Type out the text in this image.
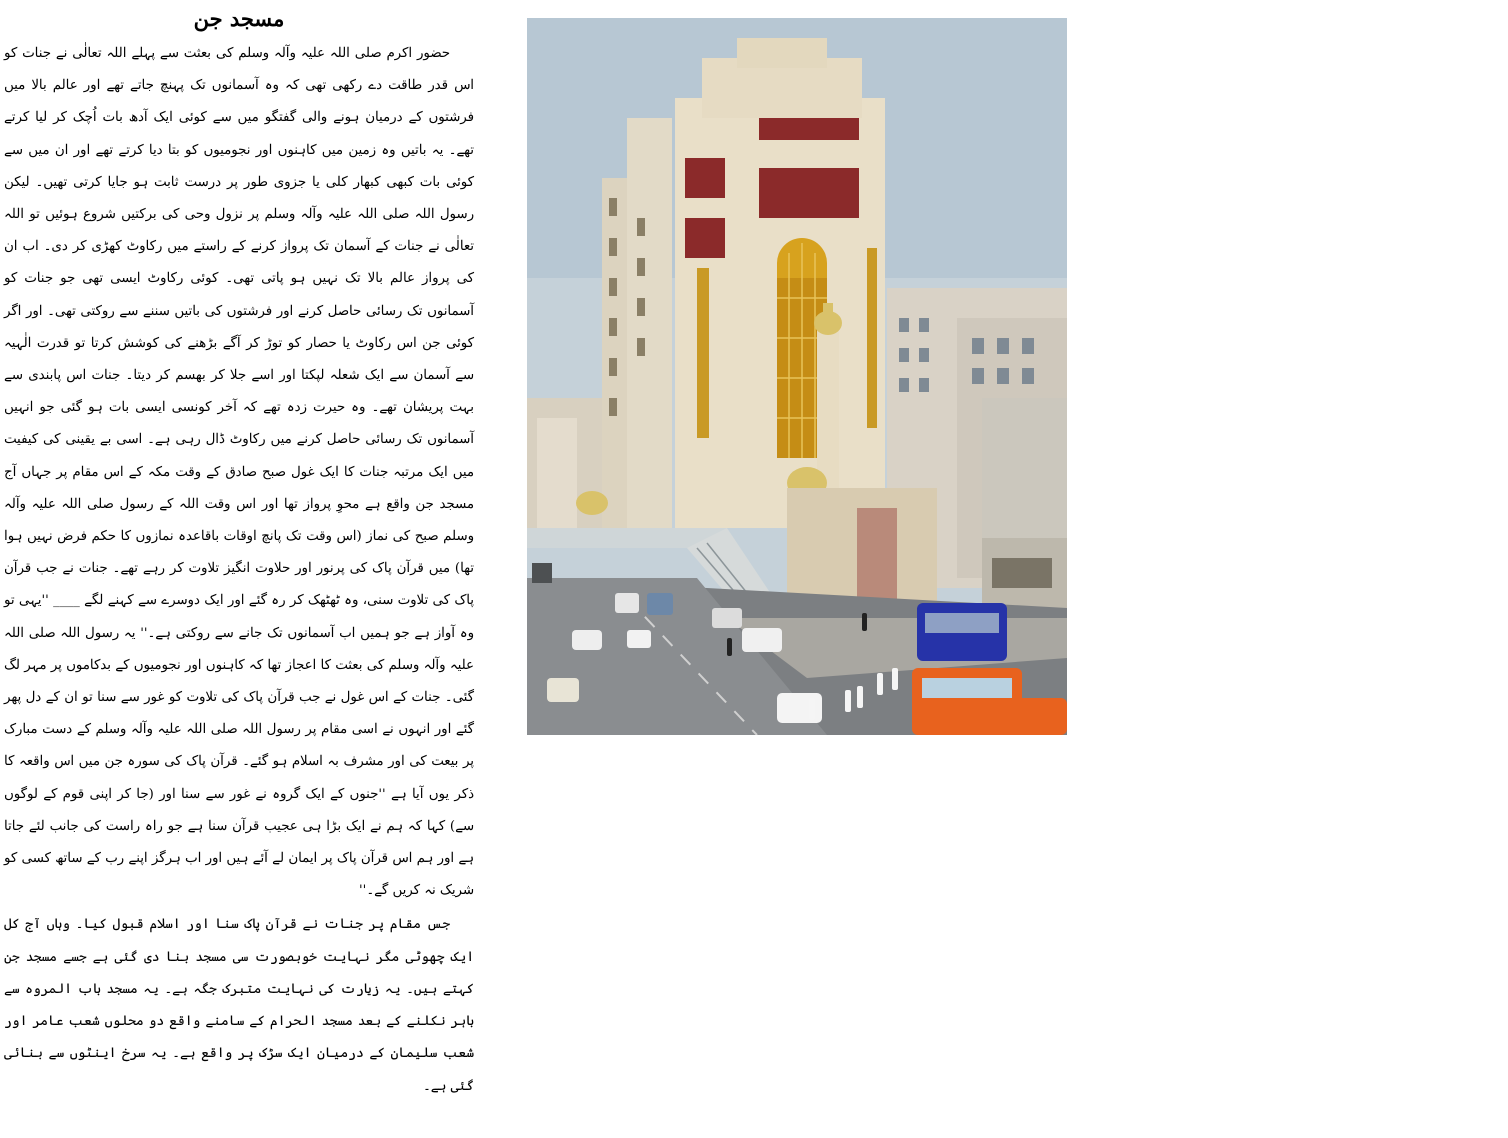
مسجد جن

حضور اکرم صلی اللہ علیہ وآلہ وسلم کی بعثت سے پہلے اللہ تعالٰی نے جنات کو اس قدر طاقت دے رکھی تھی کہ وہ آسمانوں تک پہنچ جاتے تھے اور عالم بالا میں فرشتوں کے درمیان ہونے والی گفتگو میں سے کوئی ایک آدھ بات اُچک کر لیا کرتے تھے۔ یہ باتیں وہ زمین میں کاہنوں اور نجومیوں کو بتا دیا کرتے تھے اور ان میں سے کوئی بات کبھی کبھار کلی یا جزوی طور پر درست ثابت ہو جایا کرتی تھیں۔ لیکن رسول اللہ صلی اللہ علیہ وآلہ وسلم پر نزول وحی کی برکتیں شروع ہوئیں تو اللہ تعالٰی نے جنات کے آسمان تک پرواز کرنے کے راستے میں رکاوٹ کھڑی کر دی۔ اب ان کی پرواز عالم بالا تک نہیں ہو پاتی تھی۔ کوئی رکاوٹ ایسی تھی جو جنات کو آسمانوں تک رسائی حاصل کرنے اور فرشتوں کی باتیں سننے سے روکتی تھی۔ اور اگر کوئی جن اس رکاوٹ یا حصار کو توڑ کر آگے بڑھنے کی کوشش کرتا تو قدرت الٰہیہ سے آسمان سے ایک شعلہ لپکتا اور اسے جلا کر بھسم کر دیتا۔ جنات اس پابندی سے بہت پریشان تھے۔ وہ حیرت زدہ تھے کہ آخر کونسی ایسی بات ہو گئی جو انہیں آسمانوں تک رسائی حاصل کرنے میں رکاوٹ ڈال رہی ہے۔ اسی بے یقینی کی کیفیت میں ایک مرتبہ جنات کا ایک غول صبح صادق کے وقت مکہ کے اس مقام پر جہاں آج مسجد جن واقع ہے محوِ پرواز تھا اور اس وقت اللہ کے رسول صلی اللہ علیہ وآلہ وسلم صبح کی نماز (اس وقت تک پانچ اوقات باقاعدہ نمازوں کا حکم فرض نہیں ہوا تھا) میں قرآن پاک کی پرنور اور حلاوت انگیز تلاوت کر رہے تھے۔ جنات نے جب قرآن پاک کی تلاوت سنی، وہ ٹھٹھک کر رہ گئے اور ایک دوسرے سے کہنے لگے ____ ''یہی تو وہ آواز ہے جو ہمیں اب آسمانوں تک جانے سے روکتی ہے۔'' یہ رسول اللہ صلی اللہ علیہ وآلہ وسلم کی بعثت کا اعجاز تھا کہ کاہنوں اور نجومیوں کے بدکاموں پر مہر لگ گئی۔ جنات کے اس غول نے جب قرآن پاک کی تلاوت کو غور سے سنا تو ان کے دل پھر گئے اور انہوں نے اسی مقام پر رسول اللہ صلی اللہ علیہ وآلہ وسلم کے دست مبارک پر بیعت کی اور مشرف بہ اسلام ہو گئے۔ قرآن پاک کی سورہ جن میں اس واقعہ کا ذکر یوں آیا ہے ''جنوں کے ایک گروہ نے غور سے سنا اور (جا کر اپنی قوم کے لوگوں سے) کہا کہ ہم نے ایک بڑا ہی عجیب قرآن سنا ہے جو راہ راست کی جانب لئے جاتا ہے اور ہم اس قرآن پاک پر ایمان لے آئے ہیں اور اب ہرگز اپنے رب کے ساتھ کسی کو شریک نہ کریں گے۔''

جس مقام پر جنات نے قرآن پاک سنا اور اسلام قبول کیا۔ وہاں آج کل ایک چھوٹی مگر نہایت خوبصورت سی مسجد بنا دی گئی ہے جسے مسجد جن کہتے ہیں۔ یہ زیارت کی نہایت متبرک جگہ ہے۔ یہ مسجد باب المروہ سے باہر نکلنے کے بعد مسجد الحرام کے سامنے واقع دو محلوں شعب عامر اور شعب سلیمان کے درمیان ایک سڑک پر واقع ہے۔ یہ سرخ اینٹوں سے بنائی گئی ہے۔
